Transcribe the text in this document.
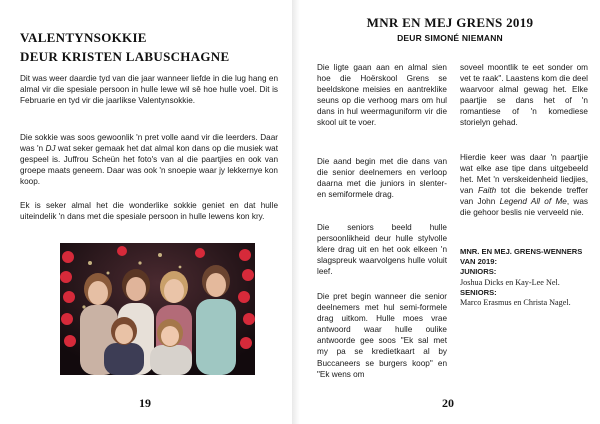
VALENTYNSOKKIE
DEUR KRISTEN LABUSCHAGNE

Dit was weer daardie tyd van die jaar wanneer liefde in die lug hang en almal vir die spesiale persoon in hulle lewe wil sê hoe hulle voel. Dit is Februarie en tyd vir die jaarlikse Valentynsokkie.

Die sokkie was soos gewoonlik 'n pret volle aand vir die leerders. Daar was 'n DJ wat seker gemaak het dat almal kon dans op die musiek wat gespeel is. Juffrou Scheün het foto's van al die paartjies en ook van groepe maats geneem. Daar was ook 'n snoepie waar jy lekkernye kon koop.

Ek is seker almal het die wonderlike sokkie geniet en dat hulle uiteindelik 'n dans met die spesiale persoon in hulle lewens kon kry.

19
MNR EN MEJ GRENS 2019
DEUR SIMONÉ NIEMANN

Die ligte gaan aan en almal sien hoe die Hoërskool Grens se beeldskone meisies en aantreklike seuns op die verhoog mars om hul dans in hul weermaguniform vir die skool uit te voer.

Die aand begin met die dans van die senior deelnemers en verloop daarna met die juniors in slenter- en semiformele drag.

Die seniors beeld hulle persoonlikheid deur hulle stylvolle klere drag uit en het ook elkeen 'n slagspreuk waarvolgens hulle voluit leef.

Die pret begin wanneer die senior deelnemers met hul semi-formele drag uitkom. Hulle moes vrae antwoord waar hulle oulike antwoorde gee soos "Ek sal met my pa se kredietkaart al by Buccaneers se burgers koop" en "Ek wens om

soveel moontlik te eet sonder om vet te raak". Laastens kom die deel waarvoor almal gewag het. Elke paartjie se dans het of 'n romantiese of 'n komediese storielyn gehad.

Hierdie keer was daar 'n paartjie wat elke ase tipe dans uitgebeeld het. Met 'n verskeidenheid liedjies, van Faith tot die bekende treffer van John Legend All of Me, was die gehoor beslis nie verveeld nie.

MNR. EN MEJ. GRENS-WENNERS VAN 2019:
JUNIORS:
Joshua Dicks en Kay-Lee Nel.
SENIORS:
Marco Erasmus en Christa Nagel.
20
